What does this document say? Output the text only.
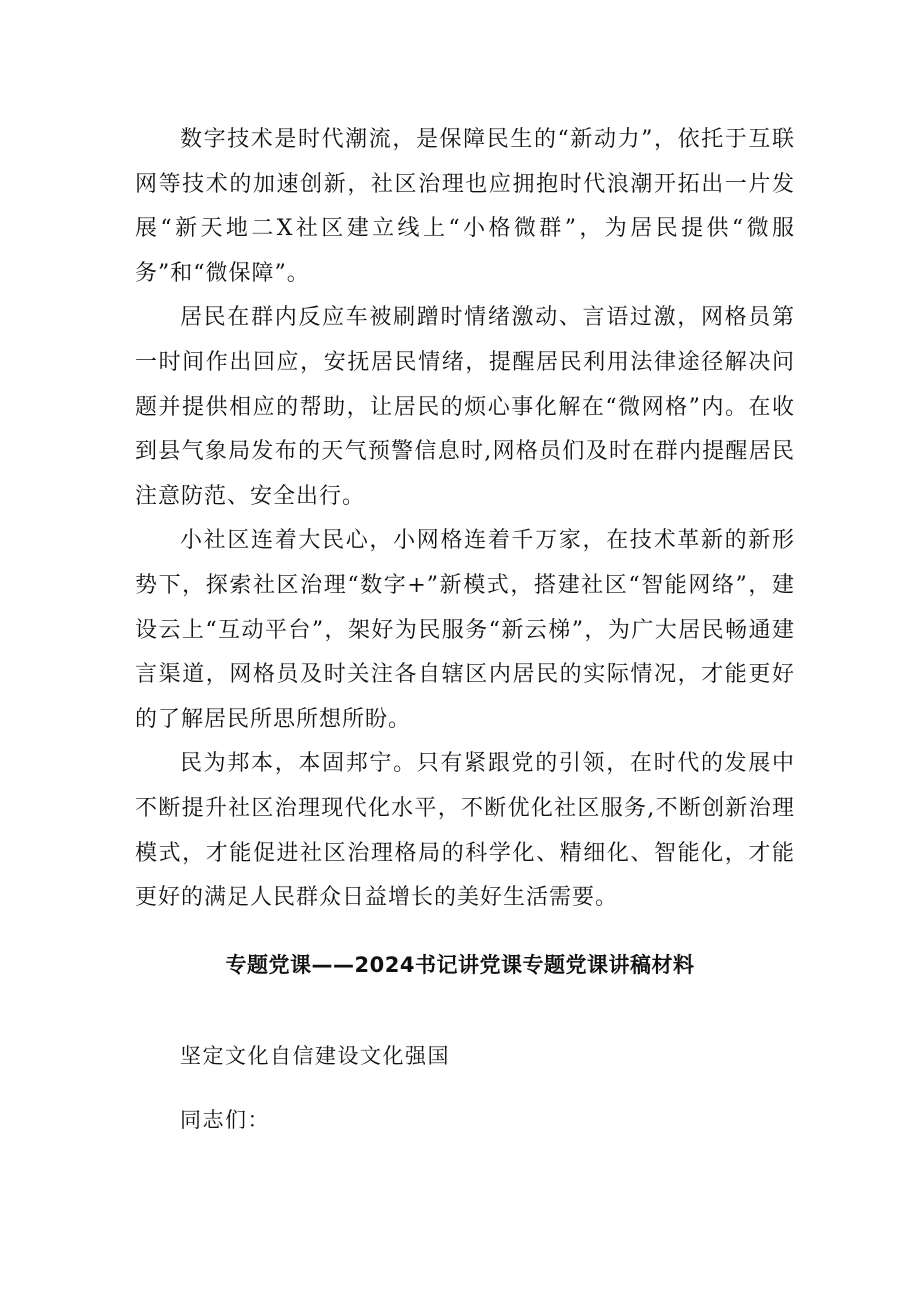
数字技术是时代潮流，是保障民生的“新动力”，依托于互联网等技术的加速创新，社区治理也应拥抱时代浪潮开拓出一片发展“新天地二X社区建立线上“小格微群”，为居民提供“微服务”和“微保障”。

居民在群内反应车被刷蹭时情绪激动、言语过激，网格员第一时间作出回应，安抚居民情绪，提醒居民利用法律途径解决问题并提供相应的帮助，让居民的烦心事化解在“微网格”内。在收到县气象局发布的天气预警信息时,网格员们及时在群内提醒居民注意防范、安全出行。

小社区连着大民心，小网格连着千万家，在技术革新的新形势下，探索社区治理“数字+”新模式，搭建社区“智能网络”，建设云上“互动平台”，架好为民服务“新云梯”，为广大居民畅通建言渠道，网格员及时关注各自辖区内居民的实际情况，才能更好的了解居民所思所想所盼。

民为邦本，本固邦宁。只有紧跟党的引领，在时代的发展中不断提升社区治理现代化水平，不断优化社区服务,不断创新治理模式，才能促进社区治理格局的科学化、精细化、智能化，才能更好的满足人民群众日益增长的美好生活需要。

专题党课——2024书记讲党课专题党课讲稿材料
坚定文化自信建设文化强国
同志们：
